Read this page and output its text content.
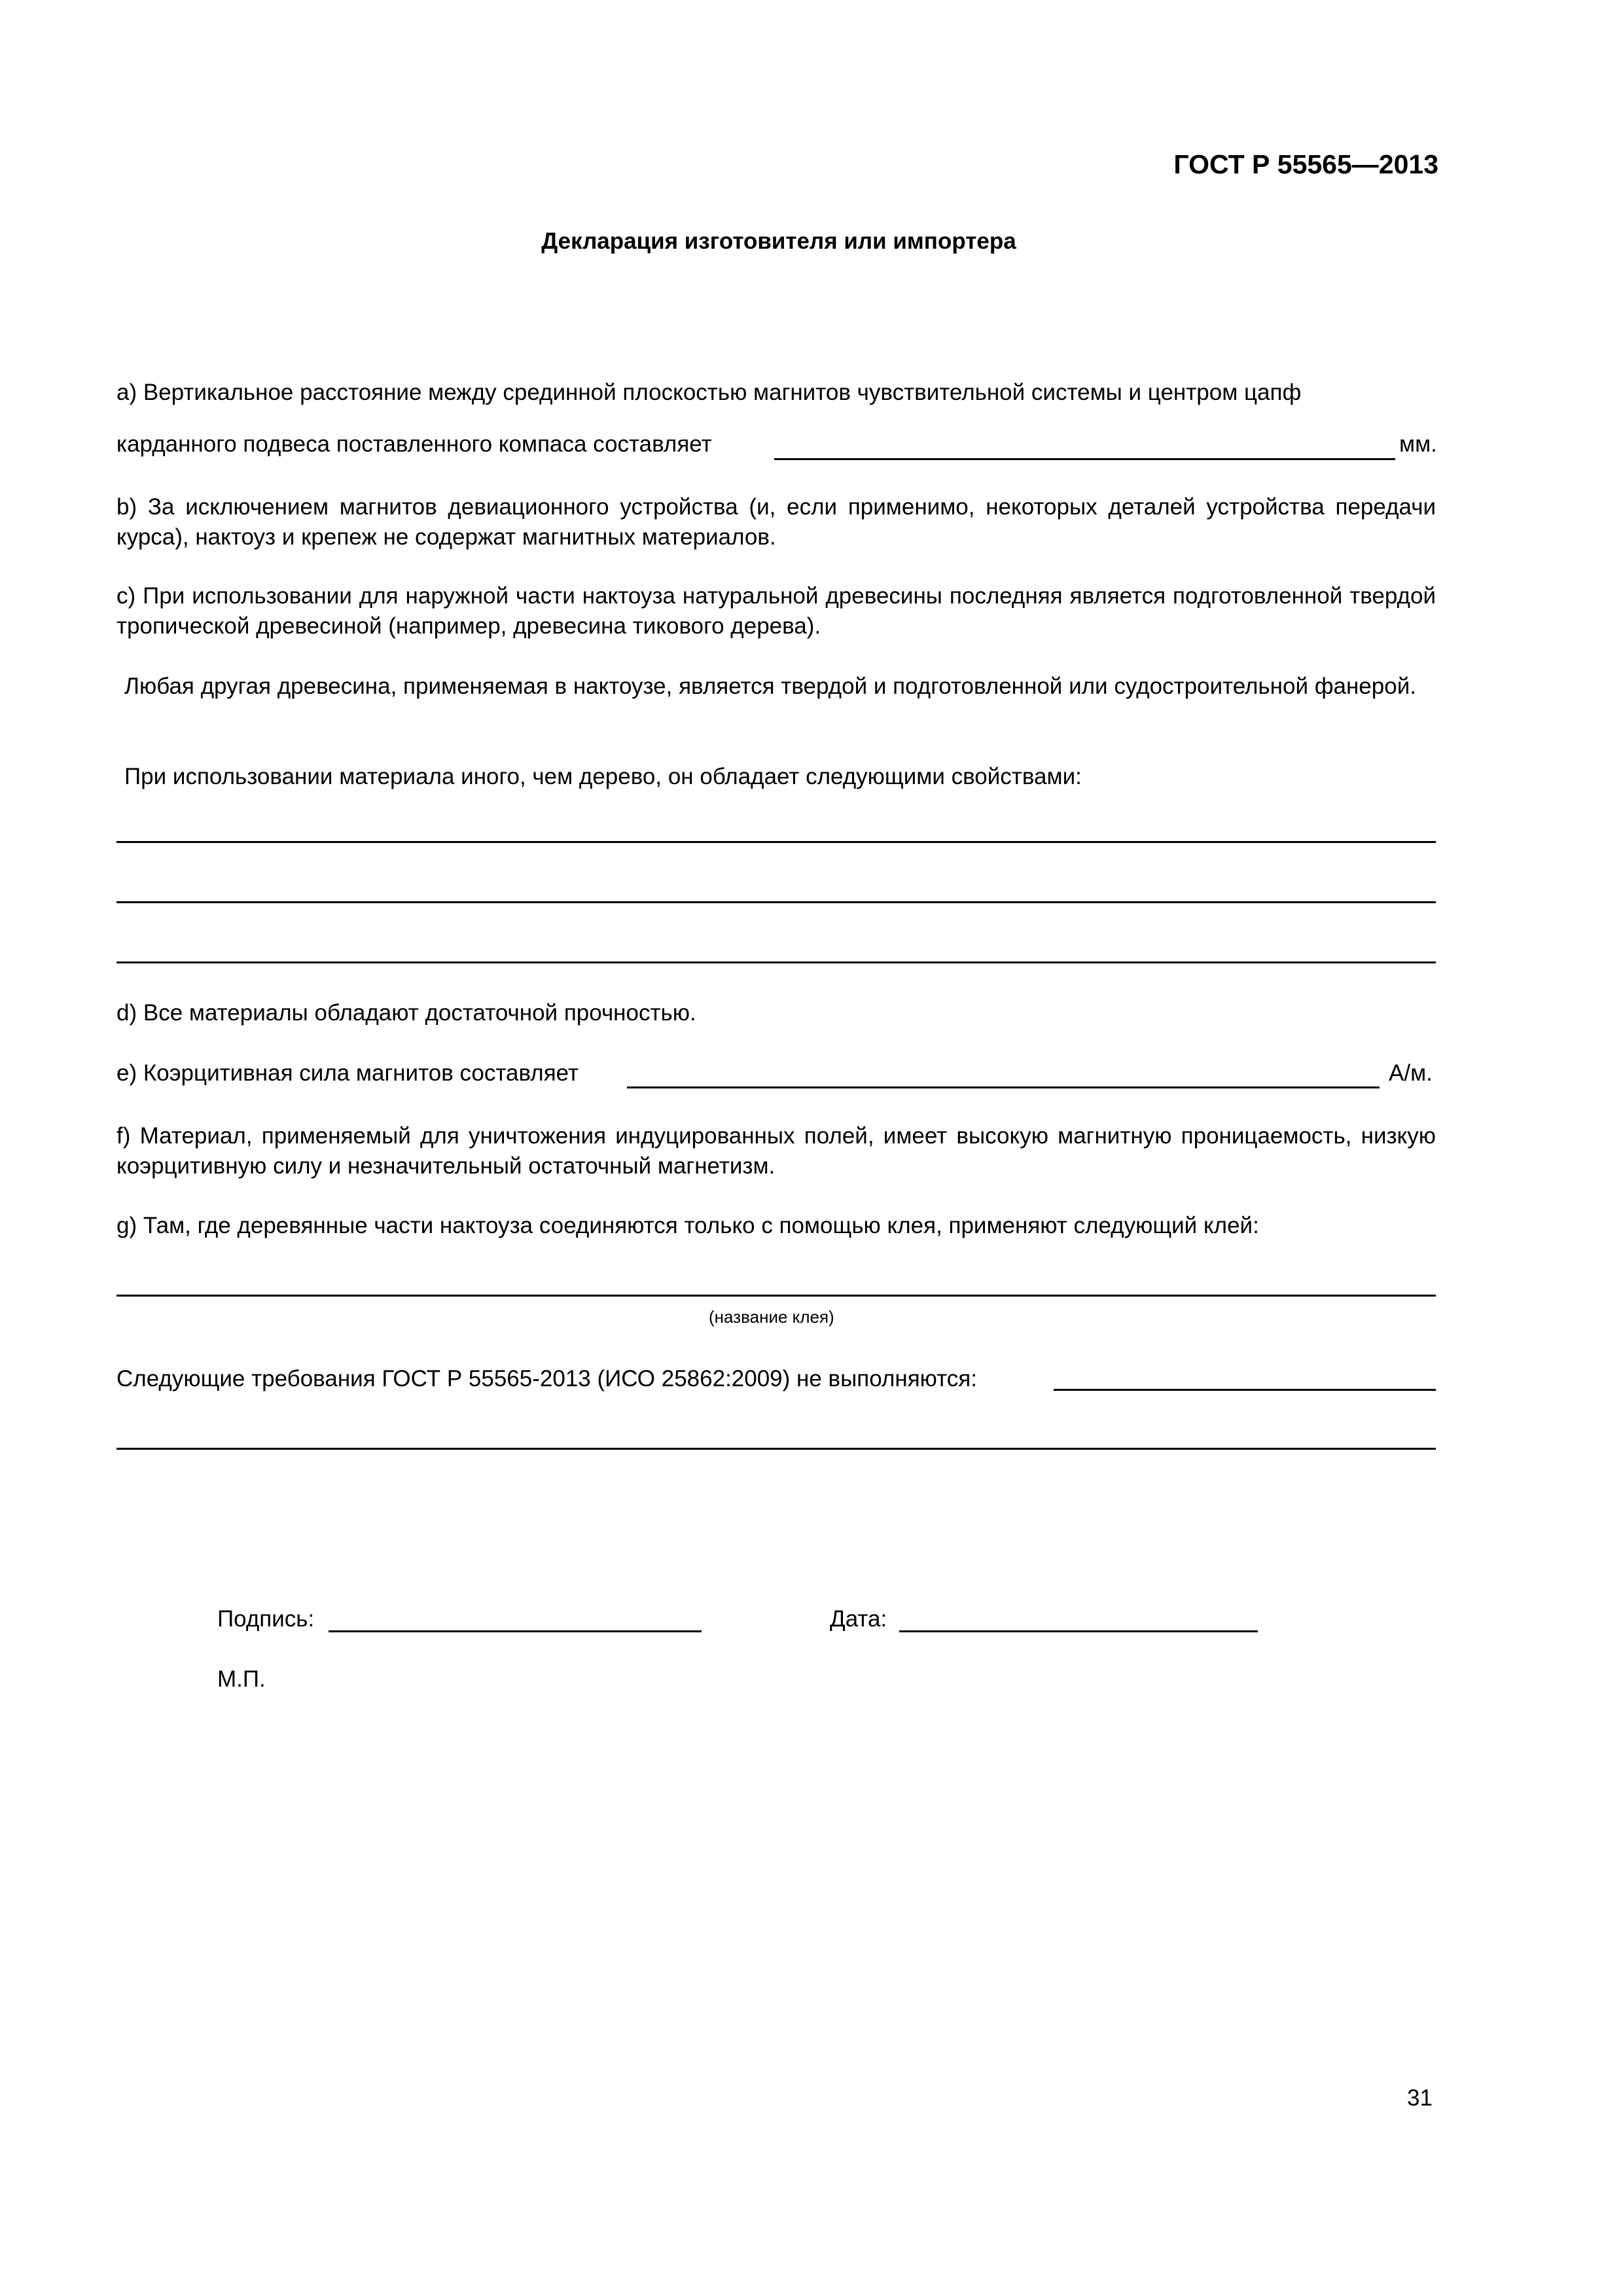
ГОСТ Р 55565—2013
Декларация изготовителя или импортера
а) Вертикальное расстояние между срединной плоскостью магнитов чувствительной системы и центром цапф
карданного подвеса поставленного компаса составляет	мм.
b) За исключением магнитов девиационного устройства (и, если применимо, некоторых деталей устройства передачи курса), нактоуз и крепеж не содержат магнитных материалов.
с) При использовании для наружной части нактоуза натуральной древесины последняя является подготовленной твердой тропической древесиной (например, древесина тикового дерева).
Любая другая древесина, применяемая в нактоузе, является твердой и подготовленной или судостроительной фанерой.
При использовании материала иного, чем дерево, он обладает следующими свойствами:
d) Все материалы обладают достаточной прочностью.
е) Коэрцитивная сила магнитов составляет	А/м.
f) Материал, применяемый для уничтожения индуцированных полей, имеет высокую магнитную проницаемость, низкую коэрцитивную силу и незначительный остаточный магнетизм.
g) Там, где деревянные части нактоуза соединяются только с помощью клея, применяют следующий клей:
(название клея)
Следующие требования ГОСТ Р 55565-2013 (ИСО 25862:2009) не выполняются:
Подпись:	Дата:
М.П.
31
